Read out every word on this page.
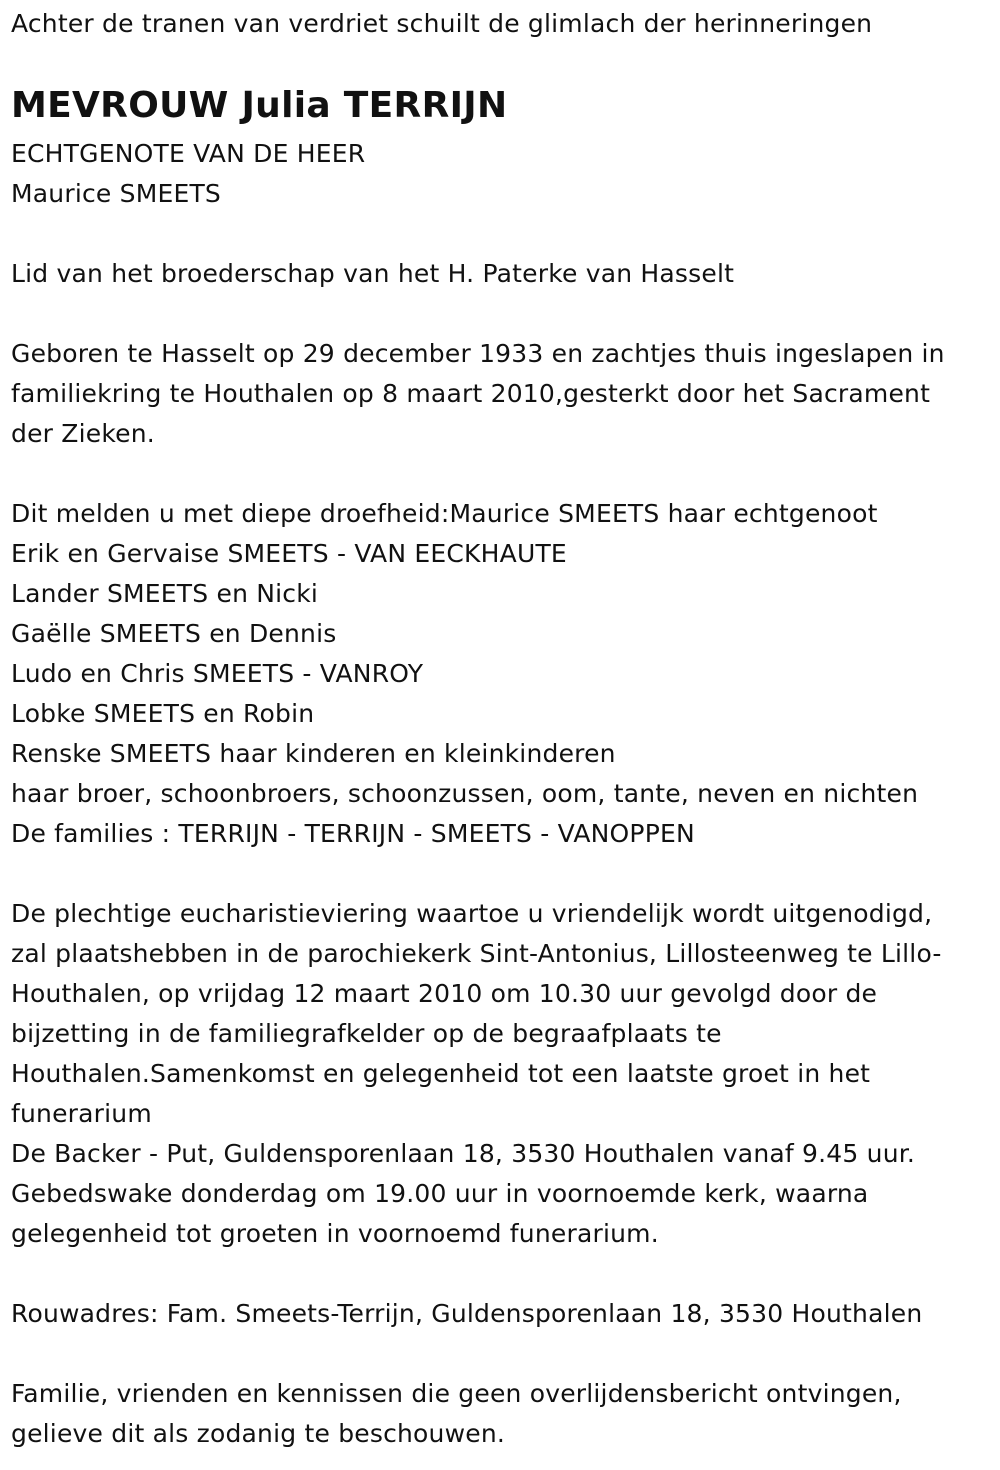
Achter de tranen van verdriet schuilt de glimlach der herinneringen
MEVROUW Julia TERRIJN
ECHTGENOTE VAN DE HEER
Maurice SMEETS
Lid van het broederschap van het H. Paterke van Hasselt
Geboren te Hasselt op 29 december 1933 en zachtjes thuis ingeslapen in
familiekring te Houthalen op 8 maart 2010,gesterkt door het Sacrament
der Zieken.
Dit melden u met diepe droefheid:Maurice SMEETS haar echtgenoot
Erik en Gervaise SMEETS - VAN EECKHAUTE
Lander SMEETS en Nicki
Gaëlle SMEETS en Dennis
Ludo en Chris SMEETS - VANROY
Lobke SMEETS en Robin
Renske SMEETS haar kinderen en kleinkinderen
haar broer, schoonbroers, schoonzussen, oom, tante, neven en nichten
De families : TERRIJN - TERRIJN - SMEETS - VANOPPEN
De plechtige eucharistieviering waartoe u vriendelijk wordt uitgenodigd,
zal plaatshebben in de parochiekerk Sint-Antonius, Lillosteenweg te Lillo-
Houthalen, op vrijdag 12 maart 2010 om 10.30 uur gevolgd door de
bijzetting in de familiegrafkelder op de begraafplaats te
Houthalen.Samenkomst en gelegenheid tot een laatste groet in het
funerarium
De Backer - Put, Guldensporenlaan 18, 3530 Houthalen vanaf 9.45 uur.
Gebedswake donderdag om 19.00 uur in voornoemde kerk, waarna
gelegenheid tot groeten in voornoemd funerarium.
Rouwadres: Fam. Smeets-Terrijn, Guldensporenlaan 18, 3530 Houthalen
Familie, vrienden en kennissen die geen overlijdensbericht ontvingen,
gelieve dit als zodanig te beschouwen.
